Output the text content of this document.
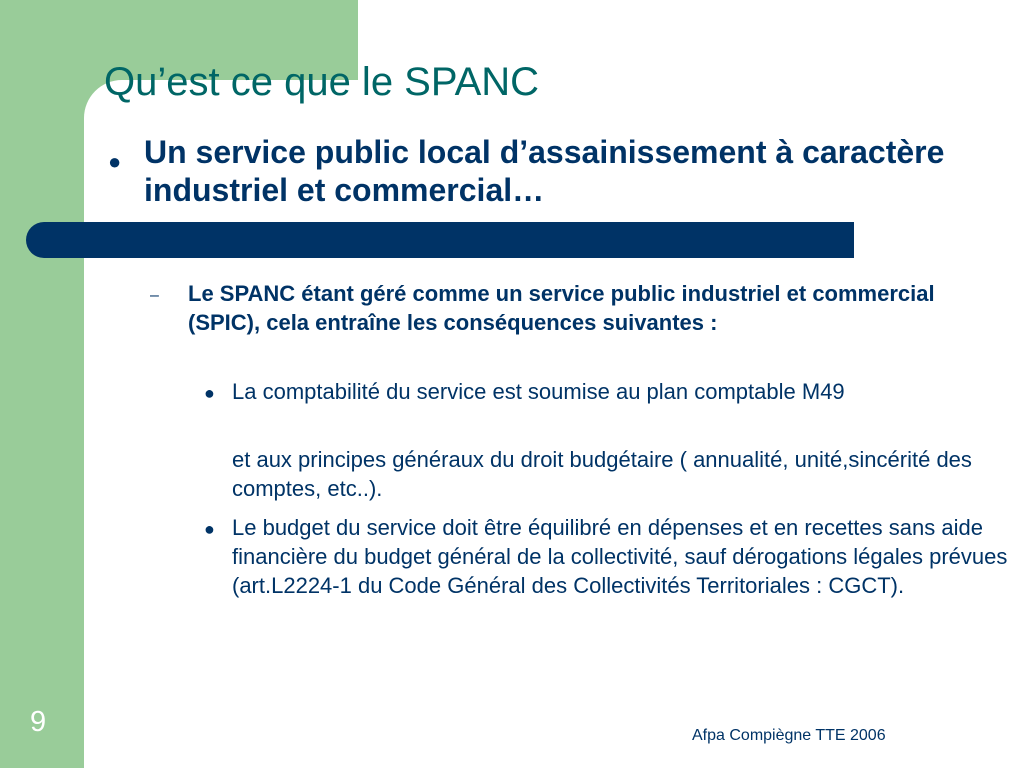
Qu’est ce que le SPANC
● Un service public local d’assainissement à caractère industriel et commercial…
– Le SPANC étant géré comme un service public industriel et commercial (SPIC), cela entraîne les conséquences suivantes :
● La comptabilité du service est soumise au plan comptable M49
et aux principes généraux du droit budgétaire ( annualité, unité,sincérité des comptes, etc..).
● Le budget du service doit être équilibré en dépenses et en recettes sans aide financière du budget général de la collectivité, sauf dérogations légales prévues (art.L2224-1 du Code Général des Collectivités Territoriales : CGCT).
9	Afpa Compiègne TTE 2006
